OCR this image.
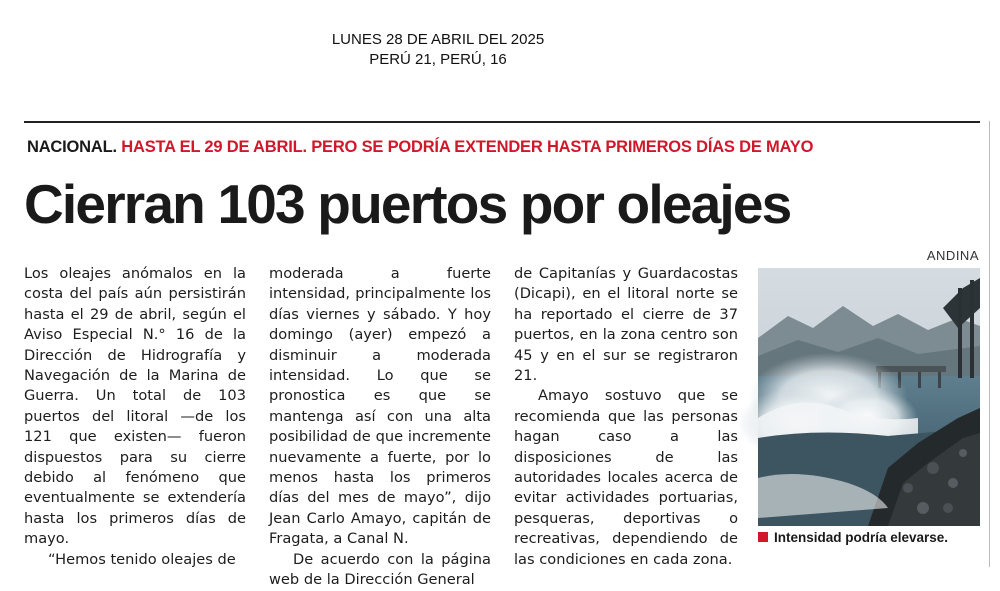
LUNES 28 DE ABRIL DEL 2025
PERÚ 21, PERÚ, 16
NACIONAL. HASTA EL 29 DE ABRIL. PERO SE PODRÍA EXTENDER HASTA PRIMEROS DÍAS DE MAYO
Cierran 103 puertos por oleajes
ANDINA

Los oleajes anómalos en la costa del país aún persistirán hasta el 29 de abril, según el Aviso Especial N.° 16 de la Dirección de Hidrografía y Navegación de la Marina de Guerra. Un total de 103 puertos del litoral —de los 121 que existen— fueron dispuestos para su cierre debido al fenómeno que eventualmente se extendería hasta los primeros días de mayo.

“Hemos tenido oleajes de

moderada a fuerte intensidad, principalmente los días viernes y sábado. Y hoy domingo (ayer) empezó a disminuir a moderada intensidad. Lo que se pronostica es que se mantenga así con una alta posibilidad de que incremente nuevamente a fuerte, por lo menos hasta los primeros días del mes de mayo”, dijo Jean Carlo Amayo, capitán de Fragata, a Canal N.

De acuerdo con la página web de la Dirección General

de Capitanías y Guardacostas (Dicapi), en el litoral norte se ha reportado el cierre de 37 puertos, en la zona centro son 45 y en el sur se registraron 21.

Amayo sostuvo que se recomienda que las personas hagan caso a las disposiciones de las autoridades locales acerca de evitar actividades portuarias, pesqueras, deportivas o recreativas, dependiendo de las condiciones en cada zona.

Intensidad podría elevarse.
